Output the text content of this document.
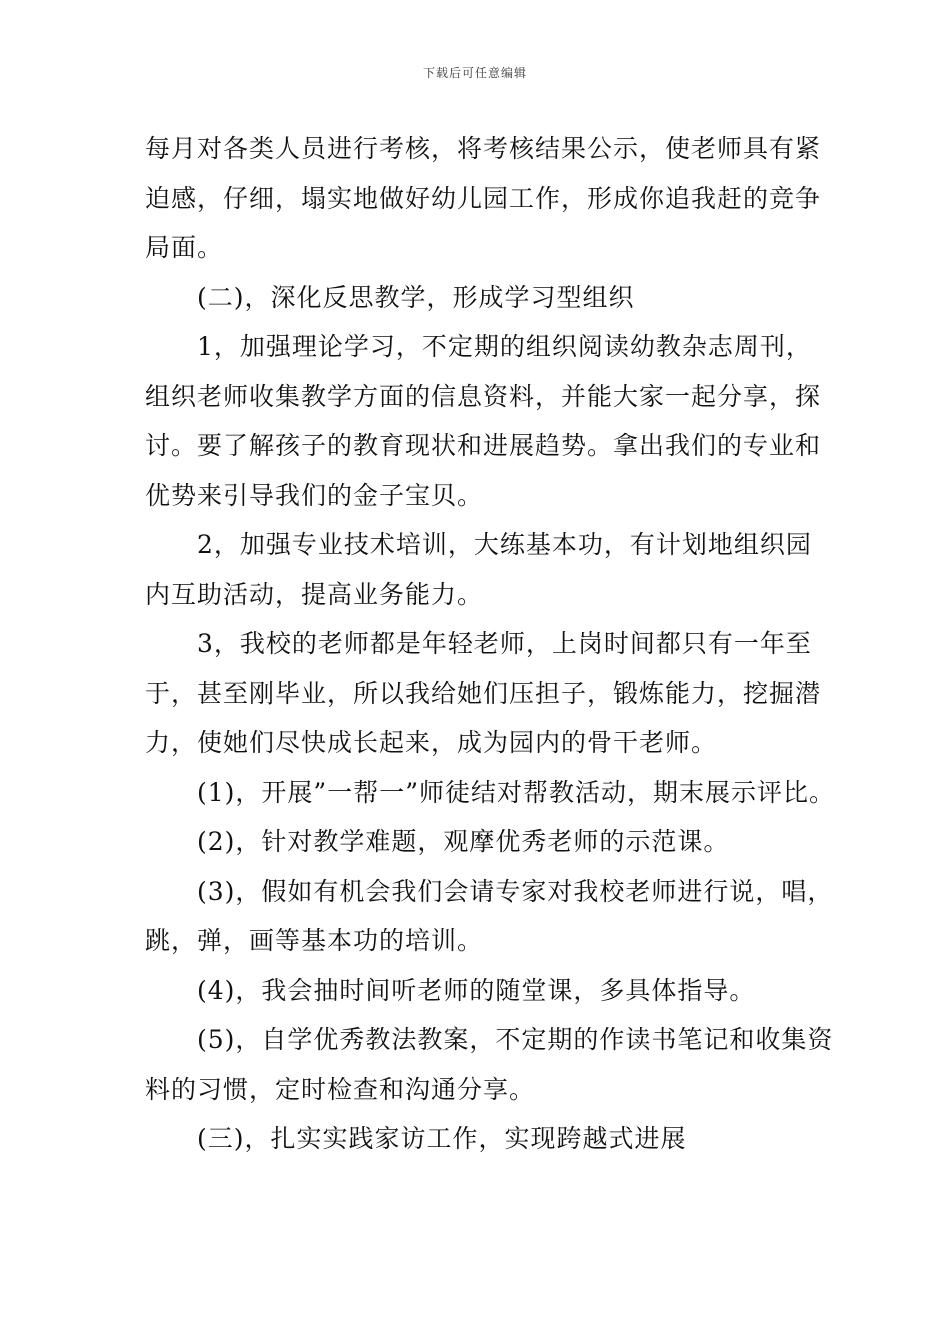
下载后可任意编辑

每月对各类人员进行考核，将考核结果公示，使老师具有紧迫感，仔细，塌实地做好幼儿园工作，形成你追我赶的竞争局面。

(二)，深化反思教学，形成学习型组织

1，加强理论学习，不定期的组织阅读幼教杂志周刊，组织老师收集教学方面的信息资料，并能大家一起分享，探讨。要了解孩子的教育现状和进展趋势。拿出我们的专业和优势来引导我们的金子宝贝。

2，加强专业技术培训，大练基本功，有计划地组织园内互助活动，提高业务能力。

3，我校的老师都是年轻老师，上岗时间都只有一年至于，甚至刚毕业，所以我给她们压担子，锻炼能力，挖掘潜力，使她们尽快成长起来，成为园内的骨干老师。

(1)，开展”一帮一”师徒结对帮教活动，期末展示评比。

(2)，针对教学难题，观摩优秀老师的示范课。

(3)，假如有机会我们会请专家对我校老师进行说，唱，跳，弹，画等基本功的培训。

(4)，我会抽时间听老师的随堂课，多具体指导。

(5)，自学优秀教法教案，不定期的作读书笔记和收集资料的习惯，定时检查和沟通分享。

(三)，扎实实践家访工作，实现跨越式进展
